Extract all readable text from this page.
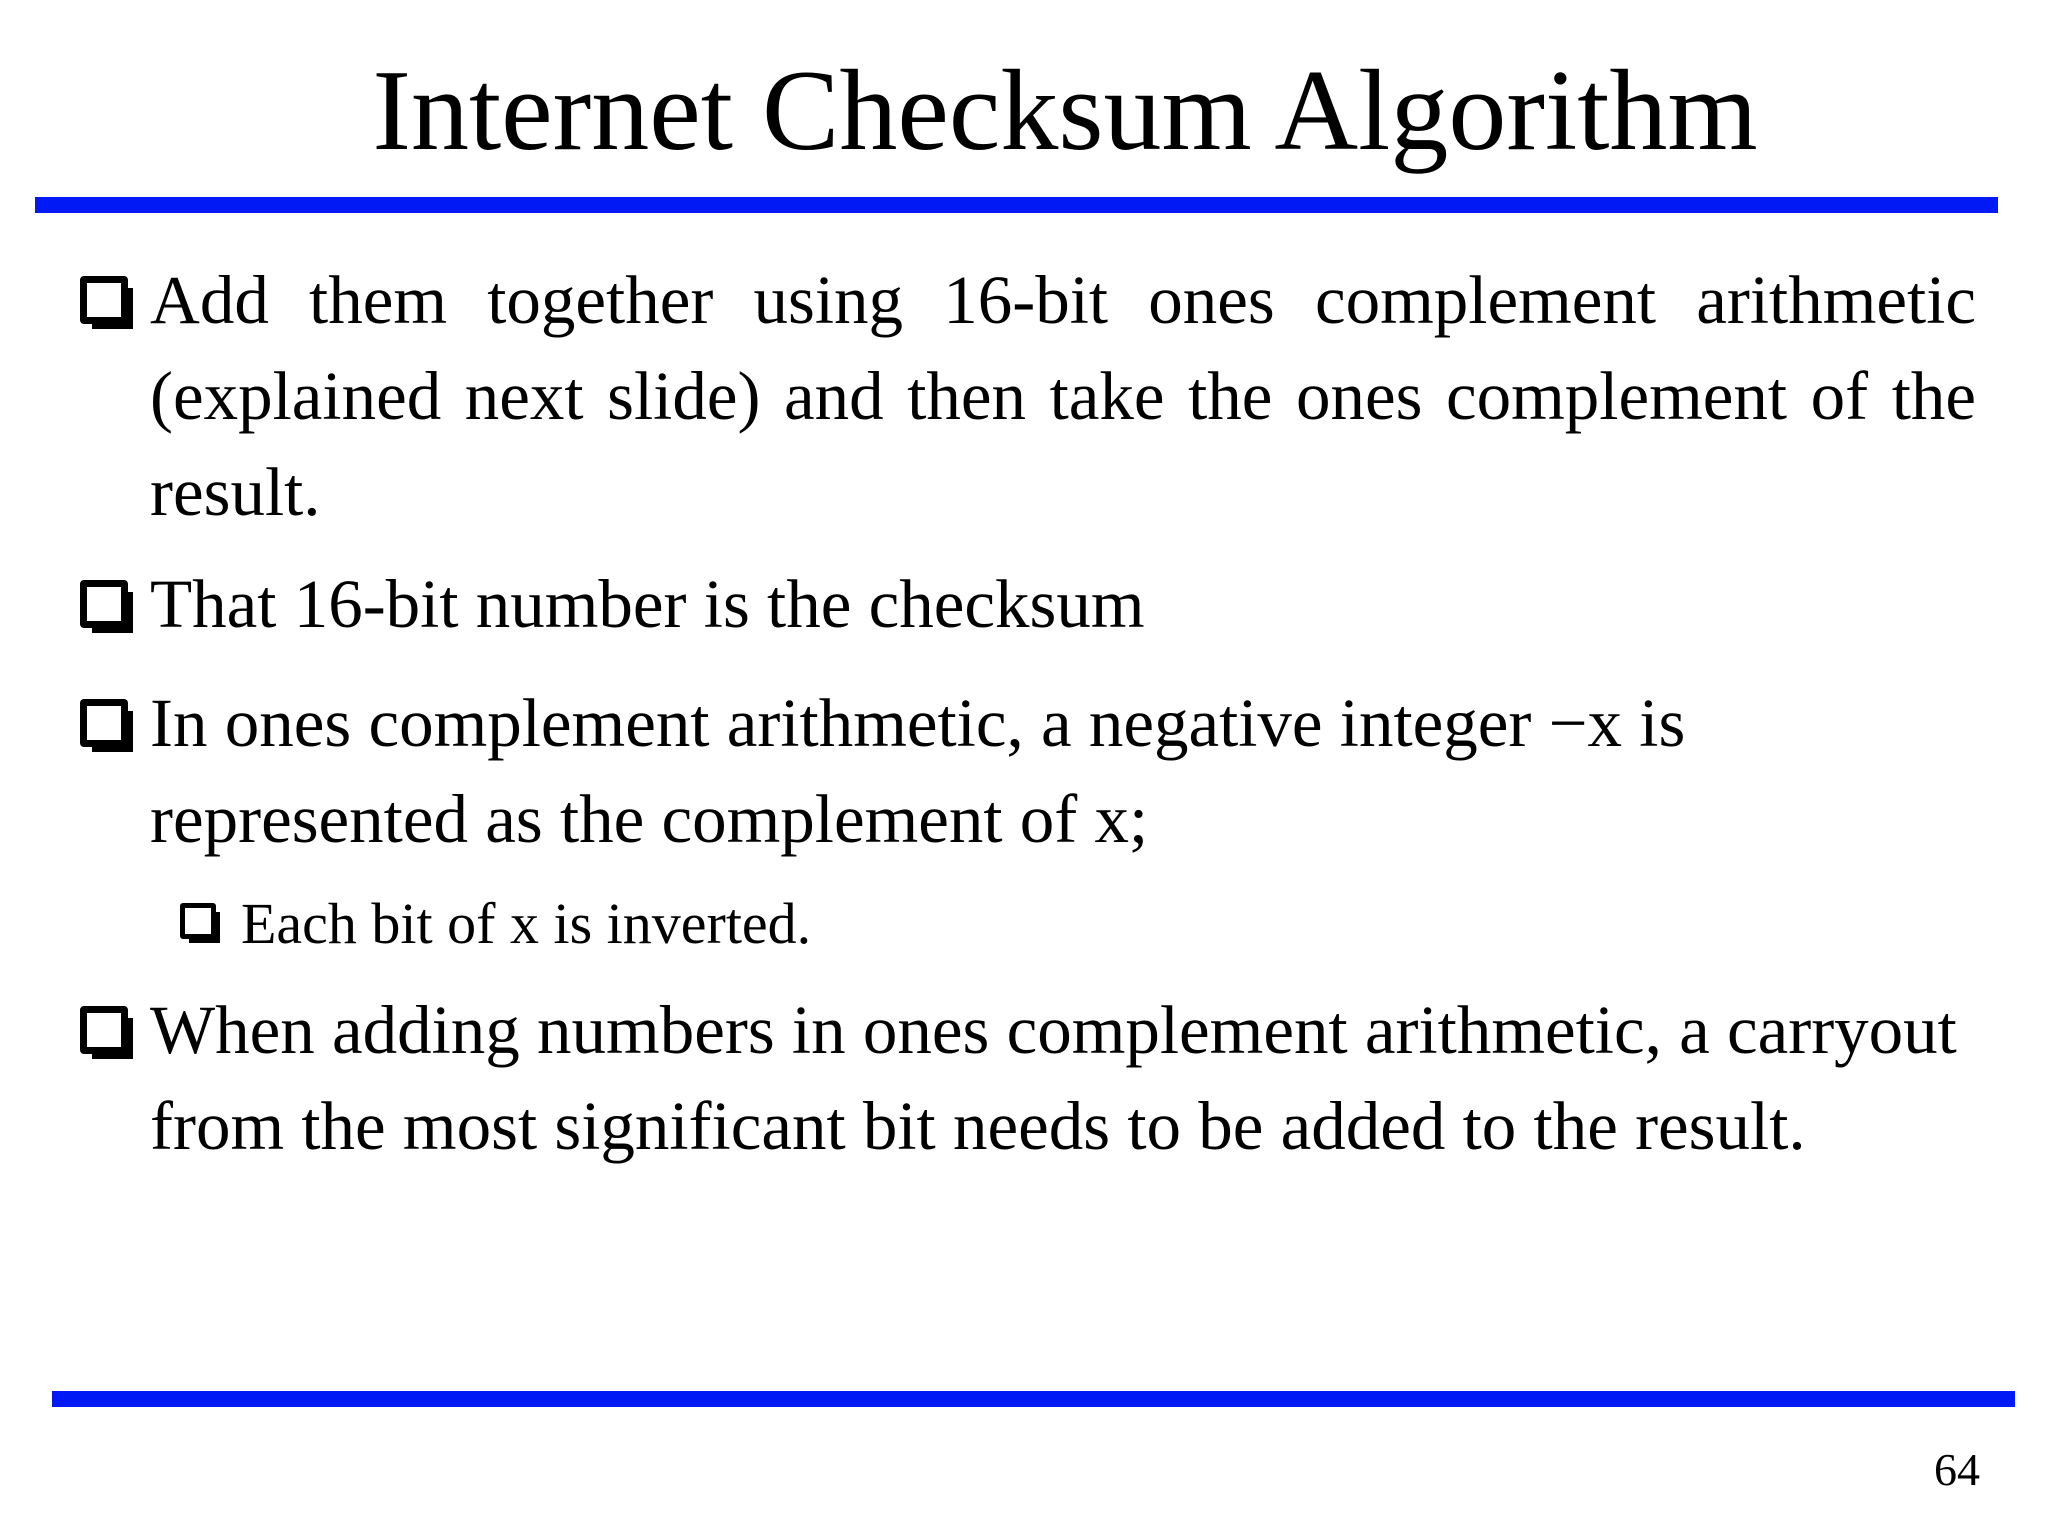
Internet Checksum Algorithm
Add them together using 16-bit ones complement arithmetic (explained next slide) and then take the ones complement of the result.
That 16-bit number is the checksum
In ones complement arithmetic, a negative integer −x is represented as the complement of x;
Each bit of x is inverted.
When adding numbers in ones complement arithmetic, a carryout from the most significant bit needs to be added to the result.
64
